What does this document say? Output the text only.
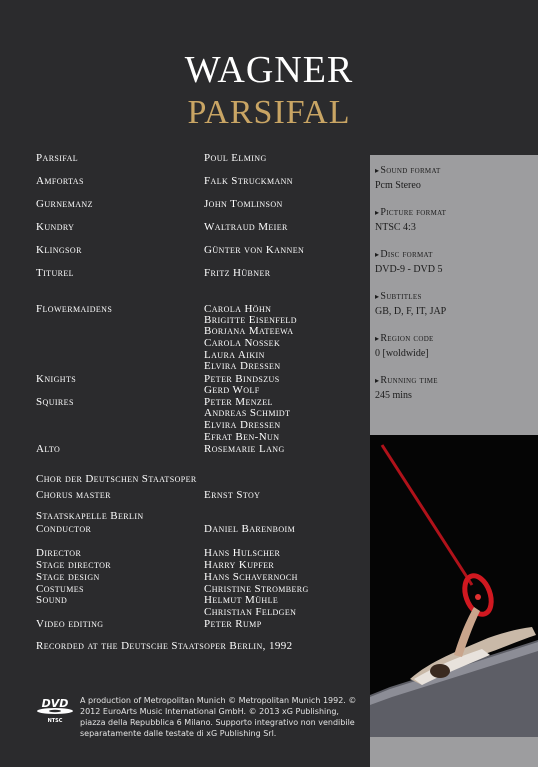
WAGNER
PARSIFAL
Parsifal	Poul Elming
Amfortas	Falk Struckmann
Gurnemanz	John Tomlinson
Kundry	Waltraud Meier
Klingsor	Günter von Kannen
Titurel	Fritz Hübner
Flowermaidens	Carola Höhn
Brigitte Eisenfeld
Borjana Mateewa
Carola Nossek
Laura Aikin
Elvira Dressen
Knights	Peter Bindszus
Gerd Wolf
Squires	Peter Menzel
Andreas Schmidt
Elvira Dressen
Efrat Ben-Nun
Alto	Rosemarie Lang
Chor der Deutschen Staatsoper
Chorus master	Ernst Stoy
Staatskapelle Berlin
Conductor	Daniel Barenboim
Director	Hans Hulscher
Stage director	Harry Kupfer
Stage design	Hans Schavernoch
Costumes	Christine Stromberg
Sound	Helmut Mühle
Christian Feldgen
Video editing	Peter Rump
Recorded at the Deutsche Staatsoper Berlin, 1992
▸Sound format
Pcm Stereo
▸Picture format
NTSC 4:3
▸Disc format
DVD-9 - DVD 5
▸Subtitles
GB, D, F, IT, JAP
▸Region code
0 [woldwide]
▸Running time
245 mins
DVD
NTSC
A production of Metropolitan Munich © Metropolitan Munich 1992. © 2012 EuroArts Music International GmbH. © 2013 xG Publishing, piazza della Repubblica 6 Milano. Supporto integrativo non vendibile separatamente dalle testate di xG Publishing Srl.
